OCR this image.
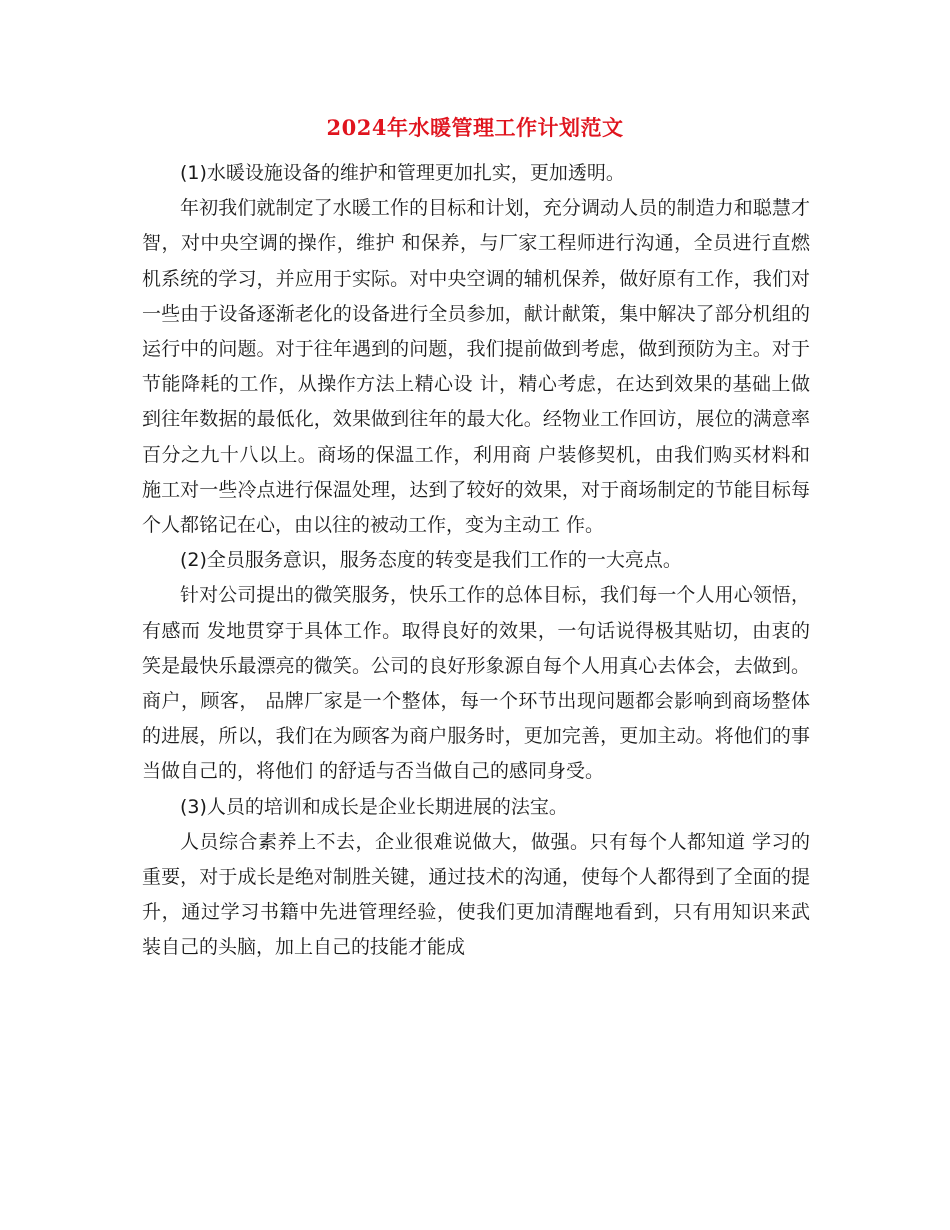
2024年水暖管理工作计划范文

(1)水暖设施设备的维护和管理更加扎实，更加透明。

年初我们就制定了水暖工作的目标和计划，充分调动人员的制造力和聪慧才智，对中央空调的操作，维护 和保养，与厂家工程师进行沟通，全员进行直燃机系统的学习，并应用于实际。对中央空调的辅机保养，做好原有工作，我们对一些由于设备逐渐老化的设备进行全员参加，献计献策，集中解决了部分机组的运行中的问题。对于往年遇到的问题，我们提前做到考虑，做到预防为主。对于节能降耗的工作，从操作方法上精心设 计，精心考虑，在达到效果的基础上做到往年数据的最低化，效果做到往年的最大化。经物业工作回访，展位的满意率百分之九十八以上。商场的保温工作，利用商 户装修契机，由我们购买材料和施工对一些冷点进行保温处理，达到了较好的效果，对于商场制定的节能目标每个人都铭记在心，由以往的被动工作，变为主动工 作。

(2)全员服务意识，服务态度的转变是我们工作的一大亮点。

针对公司提出的微笑服务，快乐工作的总体目标，我们每一个人用心领悟，有感而 发地贯穿于具体工作。取得良好的效果，一句话说得极其贴切，由衷的笑是最快乐最漂亮的微笑。公司的良好形象源自每个人用真心去体会，去做到。商户，顾客， 品牌厂家是一个整体，每一个环节出现问题都会影响到商场整体的进展，所以，我们在为顾客为商户服务时，更加完善，更加主动。将他们的事当做自己的，将他们 的舒适与否当做自己的感同身受。

(3)人员的培训和成长是企业长期进展的法宝。

人员综合素养上不去，企业很难说做大，做强。只有每个人都知道 学习的重要，对于成长是绝对制胜关键，通过技术的沟通，使每个人都得到了全面的提升，通过学习书籍中先进管理经验，使我们更加清醒地看到，只有用知识来武 装自己的头脑，加上自己的技能才能成
